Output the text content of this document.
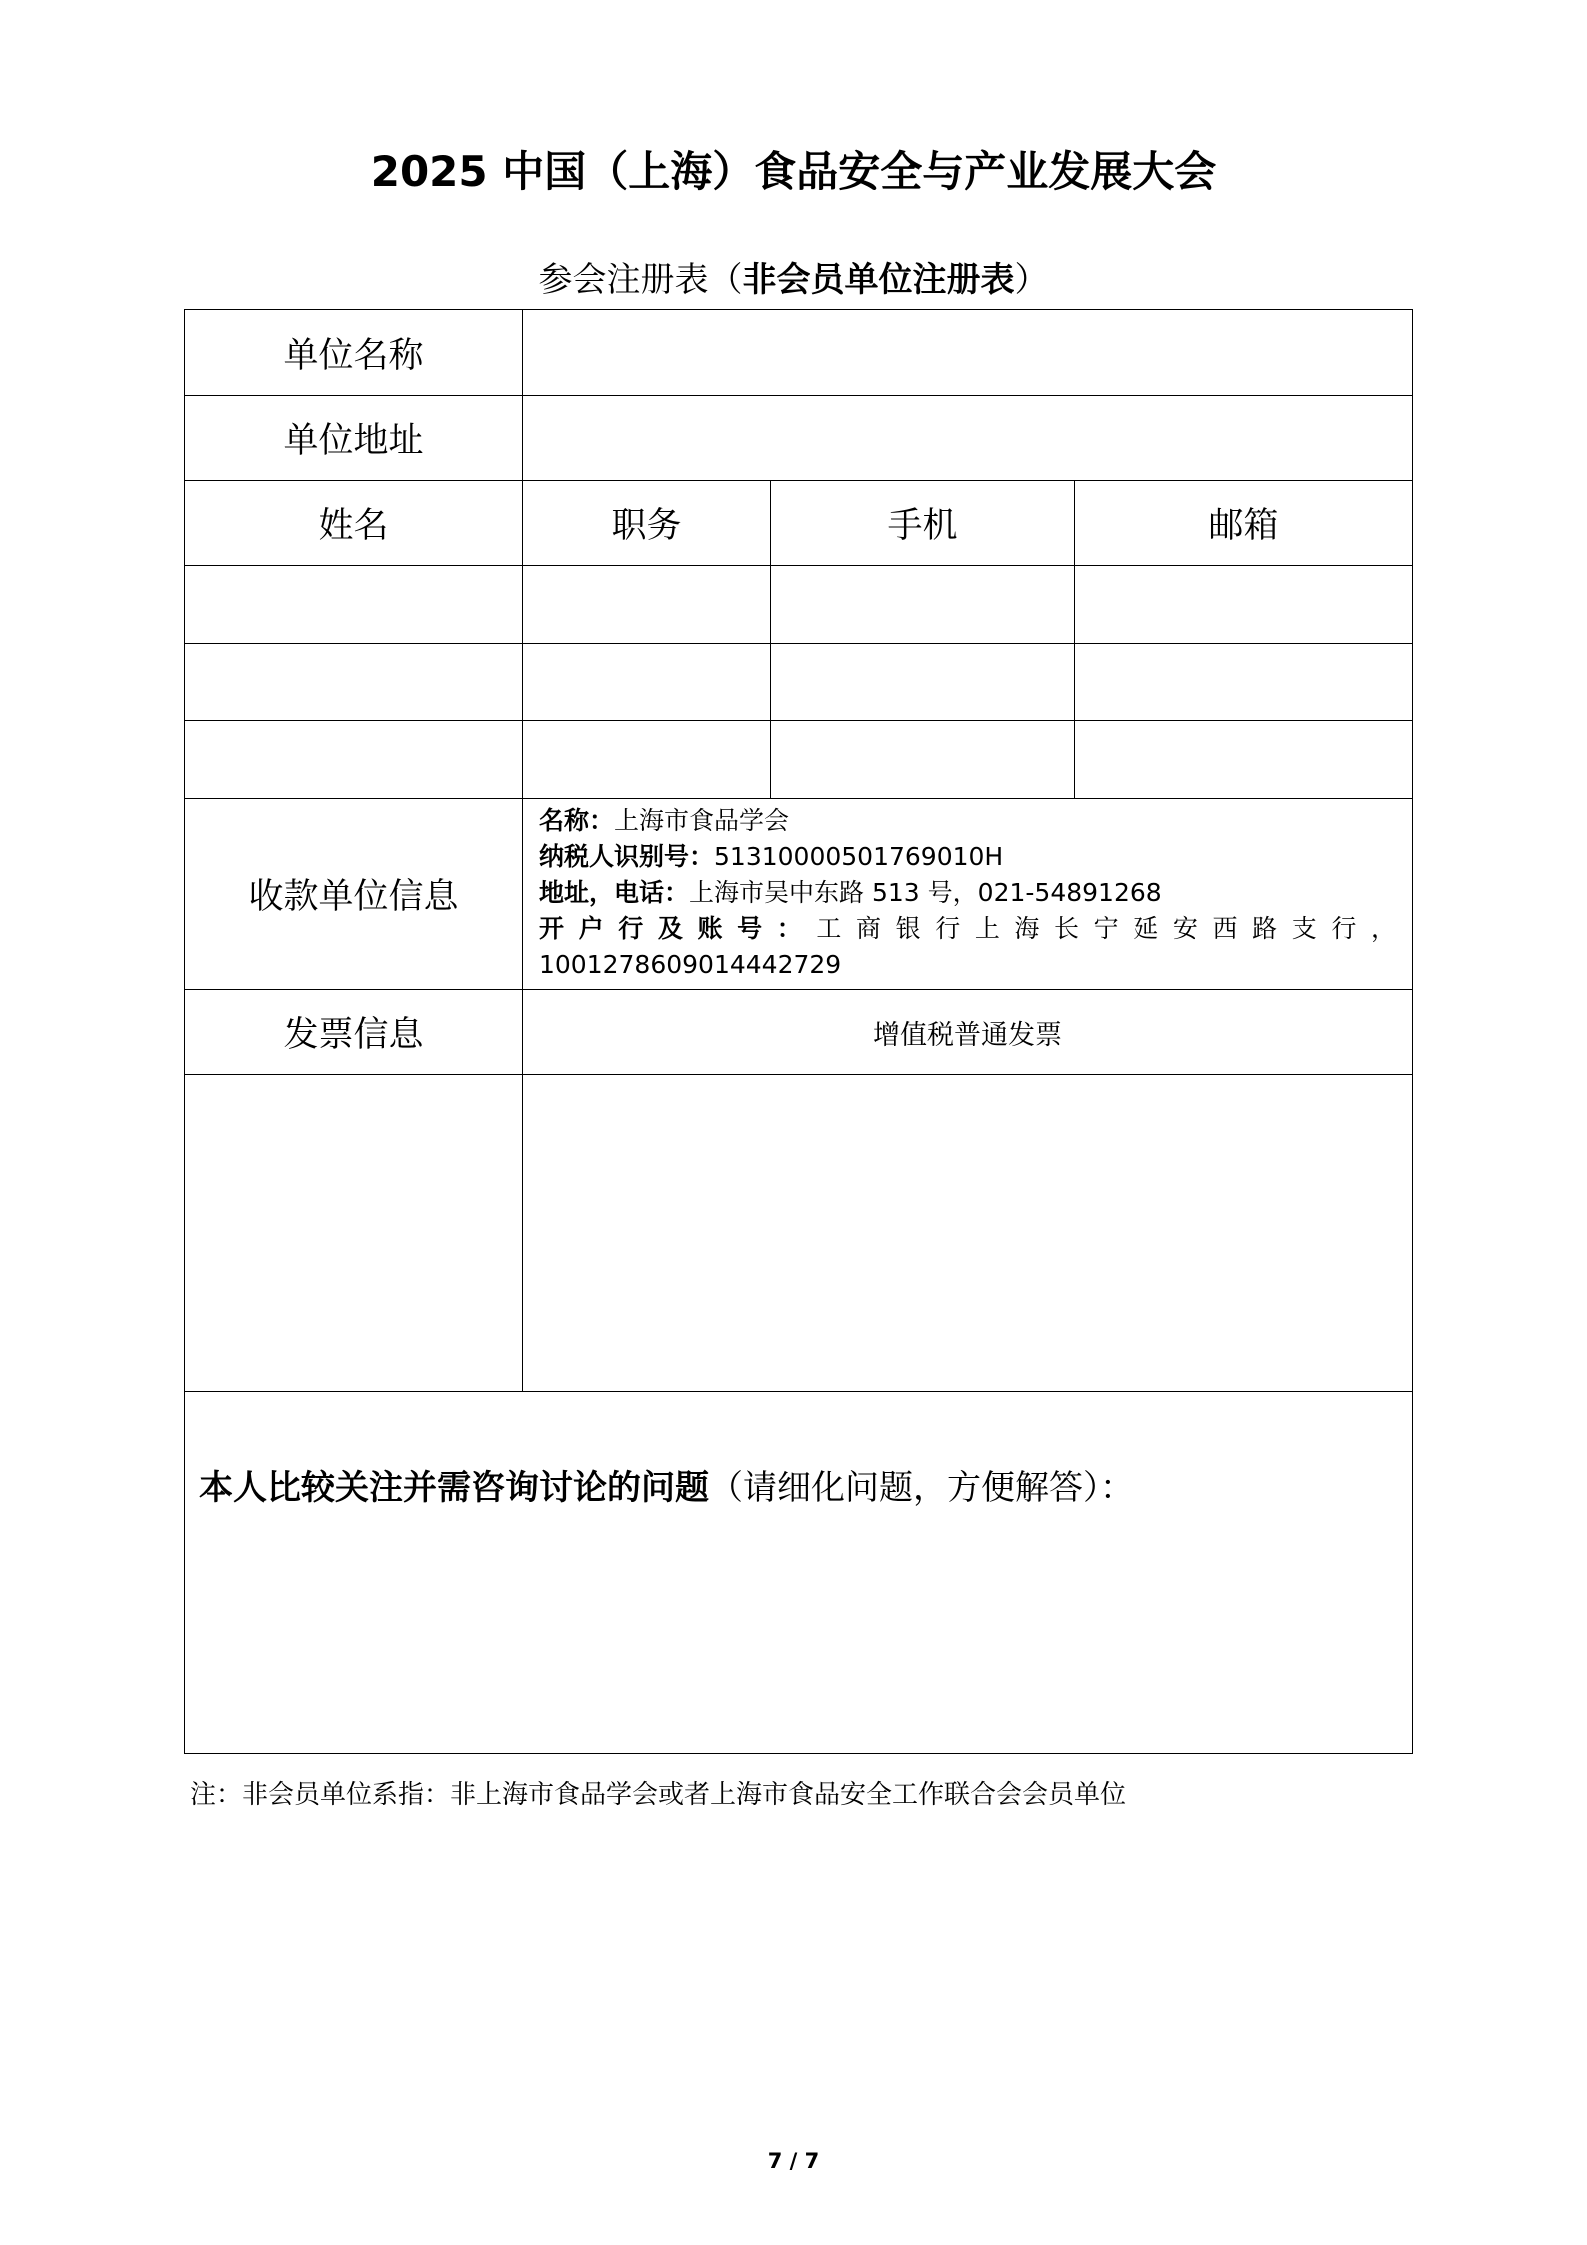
2025 中国（上海）食品安全与产业发展大会
参会注册表（非会员单位注册表）
单位名称			
单位地址			
姓名	职务	手机	邮箱

收款单位信息	名称：上海市食品学会
纳税人识别号：51310000501769010H
地址，电话：上海市吴中东路 513 号，021-54891268
开户行及账号：工商银行上海长宁延安西路支行，
1001278609014442729		

发票信息	增值税普通发票		

本人比较关注并需咨询讨论的问题（请细化问题，方便解答）：			
注：非会员单位系指：非上海市食品学会或者上海市食品安全工作联合会会员单位
7 / 7
